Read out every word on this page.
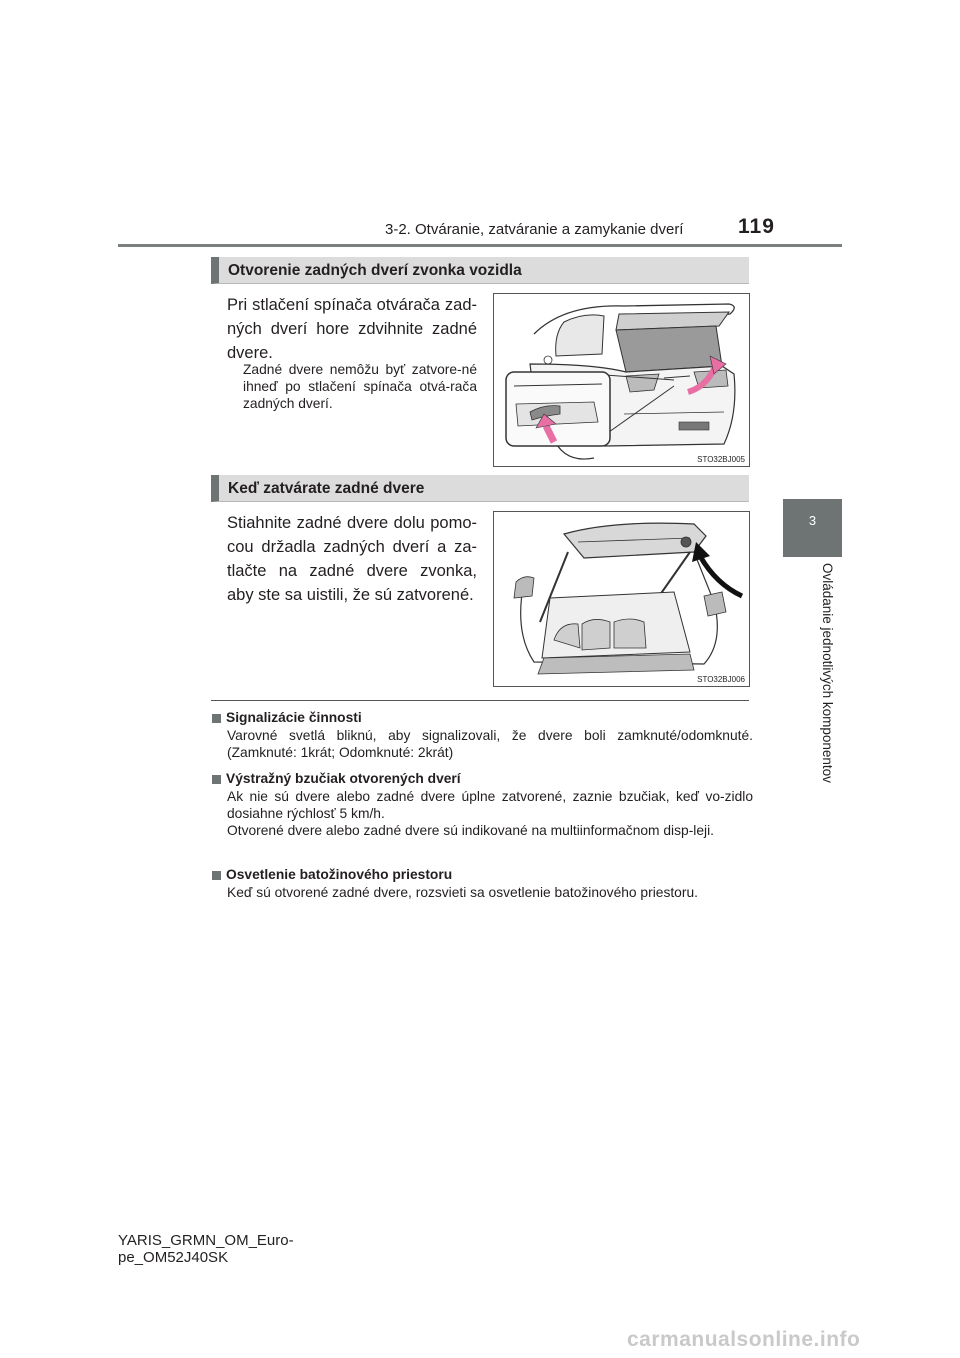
3-2. Otváranie, zatváranie a zamykanie dverí	119
3
Ovládanie jednotlivých komponentov
Otvorenie zadných dverí zvonka vozidla
Pri stlačení spínača otvárača zad-ných dverí hore zdvihnite zadné dvere.
Zadné dvere nemôžu byť zatvore-né ihneď po stlačení spínača otvá-rača zadných dverí.
STO32BJ005
Keď zatvárate zadné dvere
Stiahnite zadné dvere dolu pomo-cou držadla zadných dverí a za-tlačte na zadné dvere zvonka, aby ste sa uistili, že sú zatvorené.
STO32BJ006
Signalizácie činnosti
Varovné svetlá bliknú, aby signalizovali, že dvere boli zamknuté/odomknuté. (Zamknuté: 1krát; Odomknuté: 2krát)
Výstražný bzučiak otvorených dverí
Ak nie sú dvere alebo zadné dvere úplne zatvorené, zaznie bzučiak, keď vo-zidlo dosiahne rýchlosť 5 km/h.
Otvorené dvere alebo zadné dvere sú indikované na multiinformačnom disp-leji.
Osvetlenie batožinového priestoru
Keď sú otvorené zadné dvere, rozsvieti sa osvetlenie batožinového priestoru.
YARIS_GRMN_OM_Euro-
pe_OM52J40SK
carmanualsonline.info
